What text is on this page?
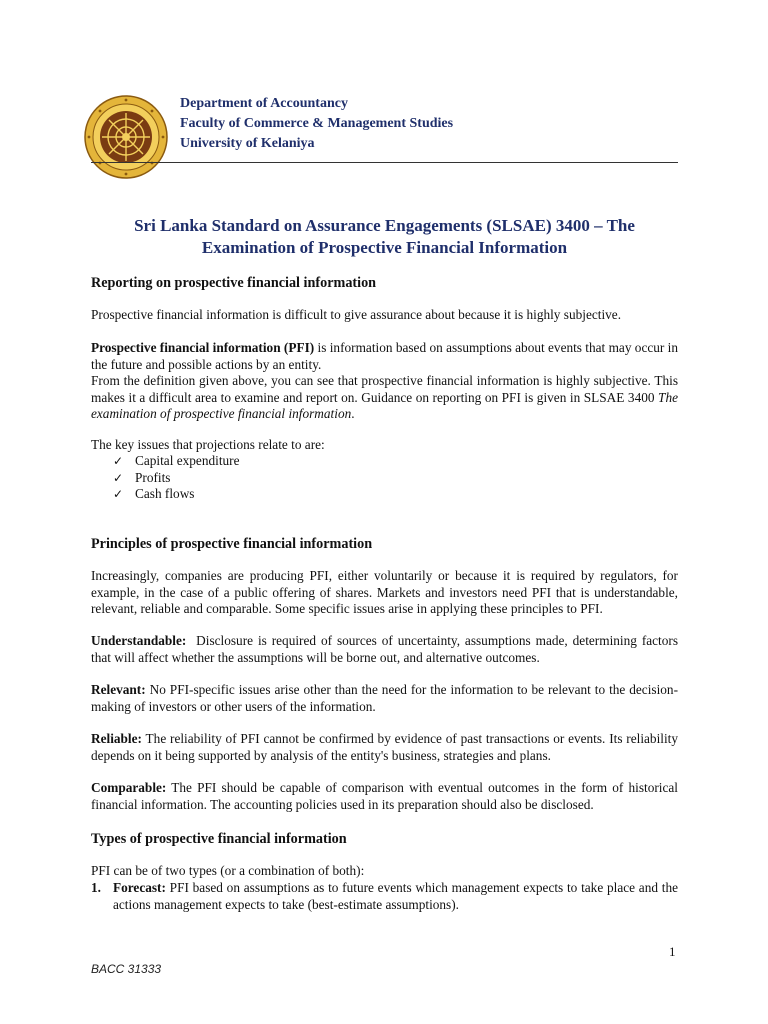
Department of Accountancy
Faculty of Commerce & Management Studies
University of Kelaniya
Sri Lanka Standard on Assurance Engagements (SLSAE) 3400 – The
Examination of Prospective Financial Information
Reporting on prospective financial information
Prospective financial information is difficult to give assurance about because it is highly subjective.
Prospective financial information (PFI) is information based on assumptions about events that may occur in the future and possible actions by an entity.
From the definition given above, you can see that prospective financial information is highly subjective. This makes it a difficult area to examine and report on. Guidance on reporting on PFI is given in SLSAE 3400 The examination of prospective financial information.
The key issues that projections relate to are:
✓ Capital expenditure
✓ Profits
✓ Cash flows
Principles of prospective financial information
Increasingly, companies are producing PFI, either voluntarily or because it is required by regulators, for example, in the case of a public offering of shares. Markets and investors need PFI that is understandable, relevant, reliable and comparable. Some specific issues arise in applying these principles to PFI.
Understandable:  Disclosure is required of sources of uncertainty, assumptions made, determining factors that will affect whether the assumptions will be borne out, and alternative outcomes.
Relevant: No PFI-specific issues arise other than the need for the information to be relevant to the decision-making of investors or other users of the information.
Reliable: The reliability of PFI cannot be confirmed by evidence of past transactions or events. Its reliability depends on it being supported by analysis of the entity's business, strategies and plans.
Comparable: The PFI should be capable of comparison with eventual outcomes in the form of historical financial information. The accounting policies used in its preparation should also be disclosed.
Types of prospective financial information
PFI can be of two types (or a combination of both):
1. Forecast: PFI based on assumptions as to future events which management expects to take place and the actions management expects to take (best-estimate assumptions).
1
BACC 31333
